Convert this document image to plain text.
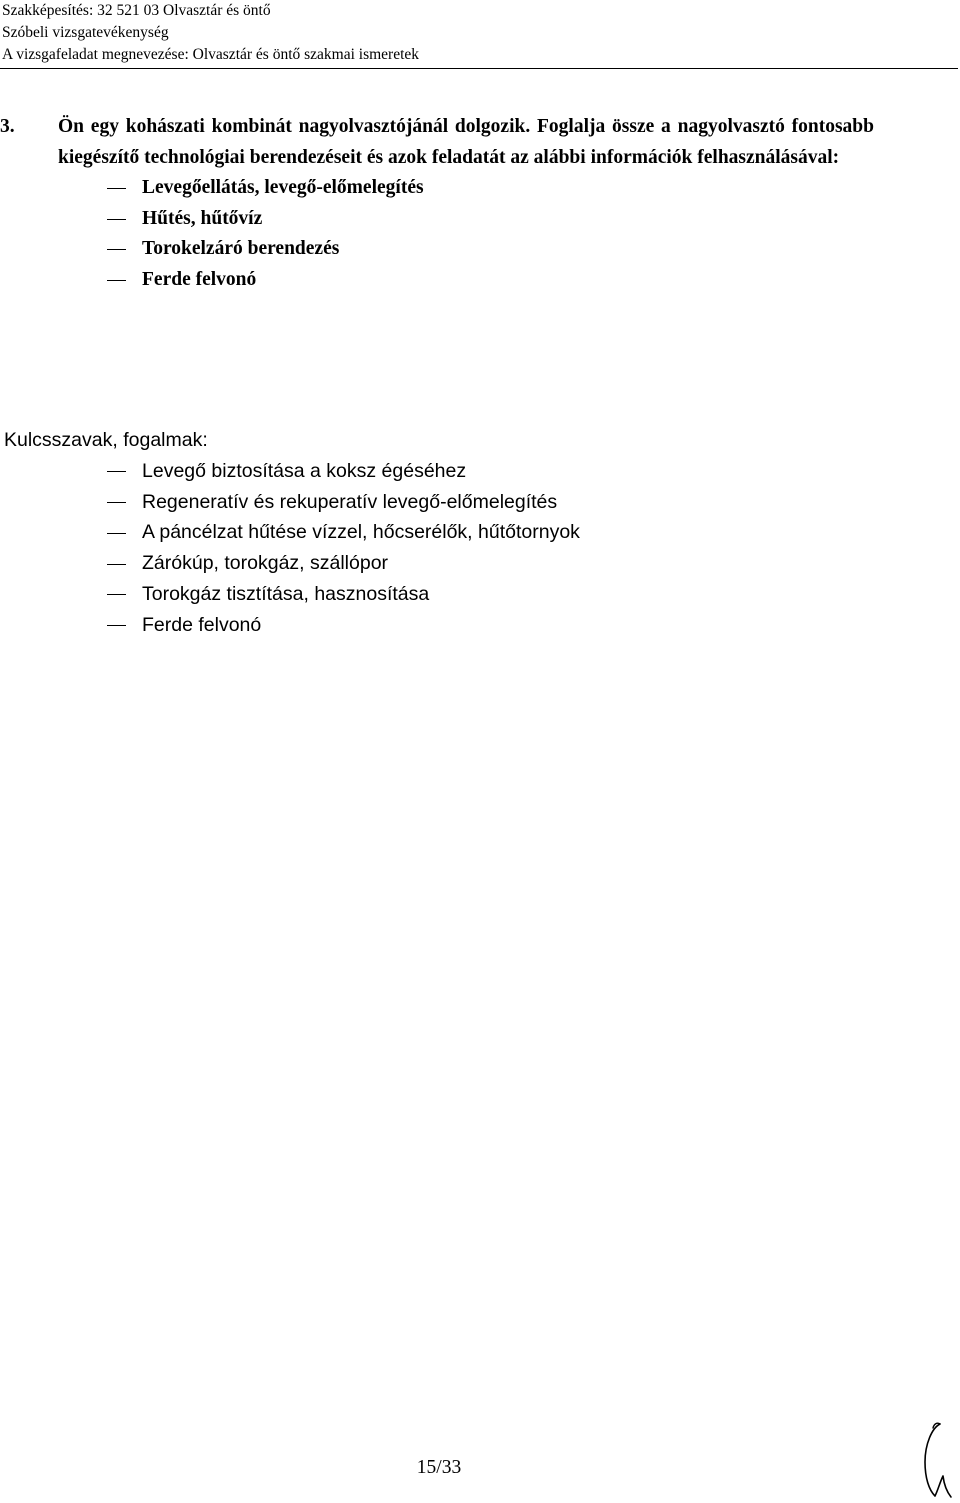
Szakképesítés: 32 521 03 Olvasztár és öntő
Szóbeli vizsgatevékenység
A vizsgafeladat megnevezése: Olvasztár és öntő szakmai ismeretek
3. Ön egy kohászati kombinát nagyolvasztójánál dolgozik. Foglalja össze a nagyolvasztó fontosabb kiegészítő technológiai berendezéseit és azok feladatát az alábbi információk felhasználásával:
Levegőellátás, levegő-előmelegítés
Hűtés, hűtővíz
Torokelzáró berendezés
Ferde felvonó
Kulcsszavak, fogalmak:
Levegő biztosítása a koksz égéséhez
Regeneratív és rekuperatív levegő-előmelegítés
A páncélzat hűtése vízzel, hőcserélők, hűtőtornyok
Zárókúp, torokgáz, szállópor
Torokgáz tisztítása, hasznosítása
Ferde felvonó
15/33
